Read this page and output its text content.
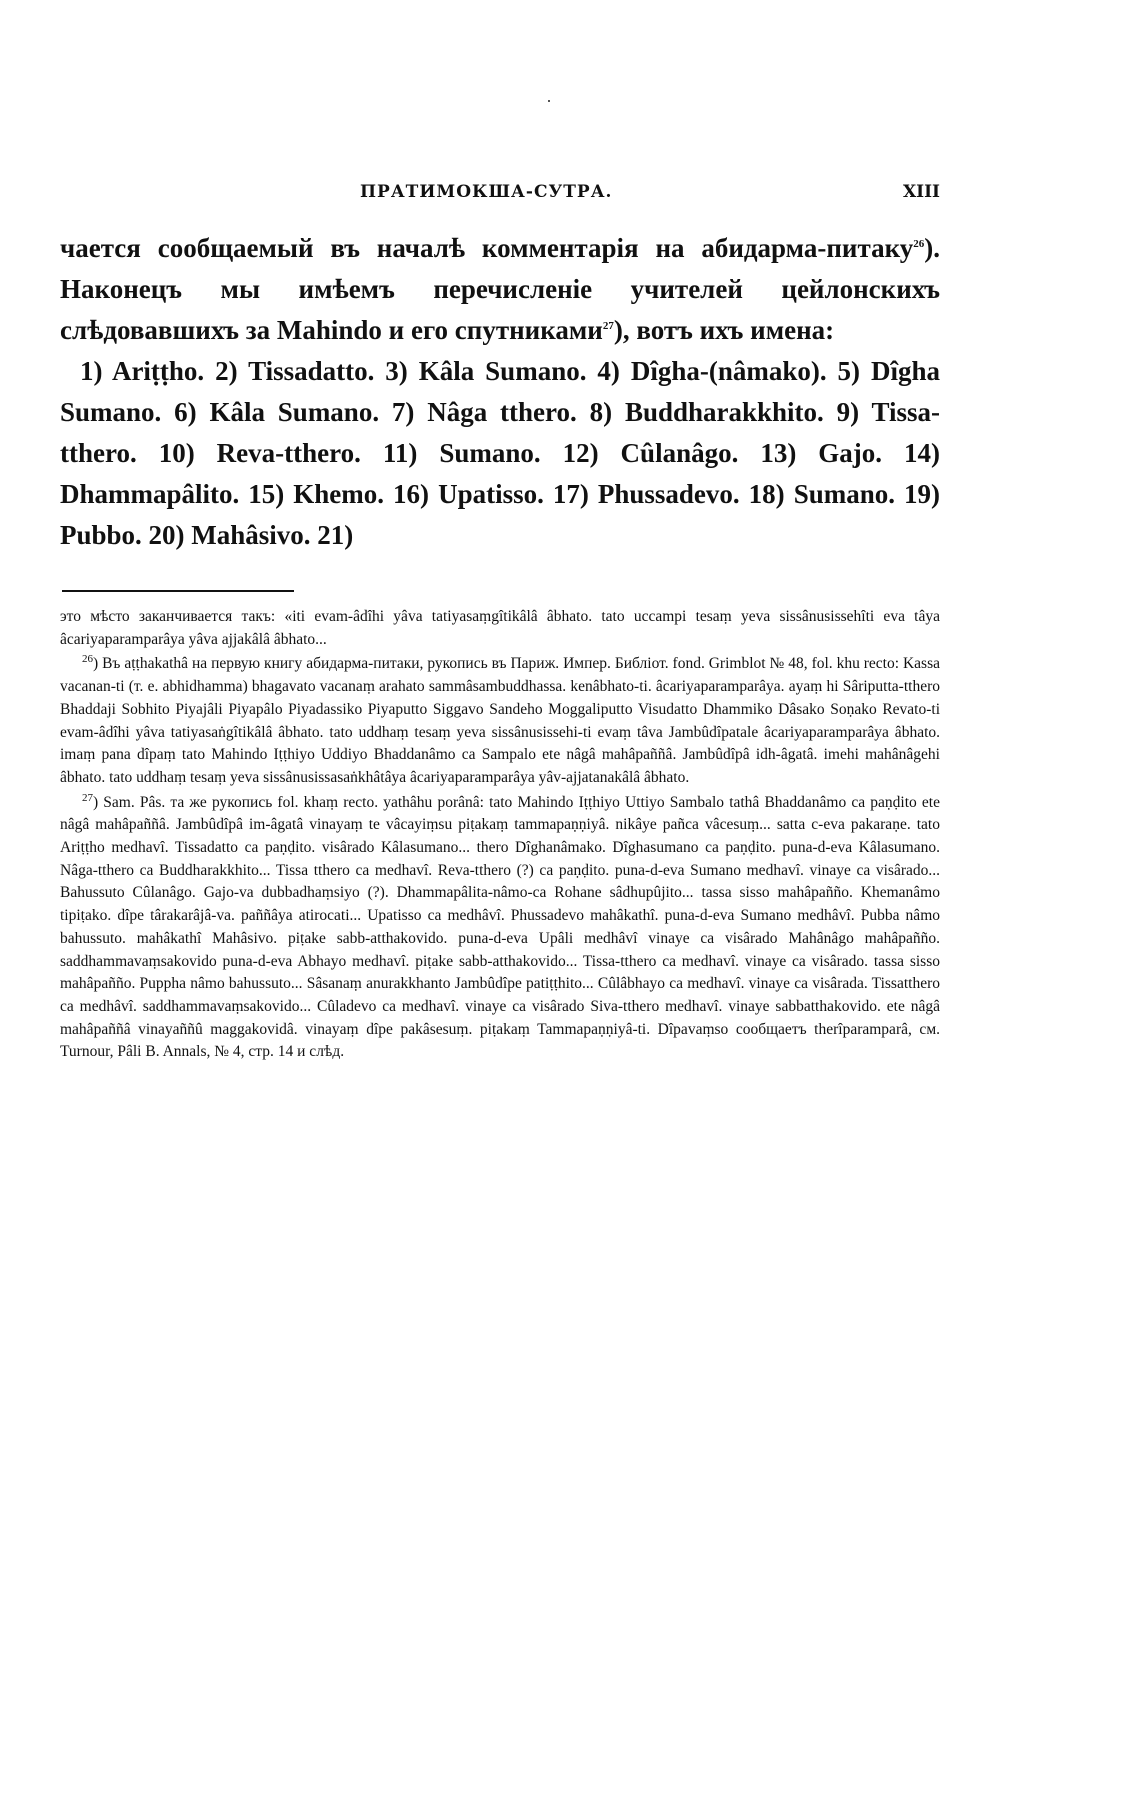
ПРАТИМОКША-СУТРА.	XIII

чается сообщаемый въ началѣ комментарія на абидарма-питаку$^{26}$). Наконецъ мы имѣемъ перечисленіе учителей цейлонскихъ слѣдовавшихъ за Mahindo и его спутниками$^{27}$), вотъ ихъ имена:

1) Ariṭṭho. 2) Tissadatto. 3) Kâla Sumano. 4) Dîgha-(nâmako). 5) Dîgha Sumano. 6) Kâla Sumano. 7) Nâga tthero. 8) Buddharakkhito. 9) Tissa-tthero. 10) Reva-tthero. 11) Sumano. 12) Cûlanâgo. 13) Gajo. 14) Dhammapâlito. 15) Khemo. 16) Upatisso. 17) Phussadevo. 18) Sumano. 19) Pubbo. 20) Mahâsivo. 21)

это мѣсто заканчивается такъ: «iti evam-âdîhi yâva tatiyasaṃgîtikâlâ âbhato. tato uccampi tesaṃ yeva sissânusissehîti eva tâya âcariyaparamparâya yâva ajjakâlâ âbhato...

$^{26}$) Въ aṭṭhakathâ на первую книгу абидарма-питаки, рукопись въ Париж. Импер. Библіот. fond. Grimblot № 48, fol. khu recto: Kassa vacanan-ti (т. е. abhidhamma) bhagavato vacanaṃ arahato sammâsambuddhassa. kenâbhato-ti. âcariyaparamparâya. ayaṃ hi Sâriputta-tthero Bhaddaji Sobhito Piyajâli Piyapâlo Piyadassiko Piyaputto Siggavo Sandeho Moggaliputto Visudatto Dhammiko Dâsako Soṇako Revato-ti evam-âdîhi yâva tatiyasaṅgîtikâlâ âbhato. tato uddhaṃ tesaṃ yeva sissânusissehi-ti evaṃ tâva Jambûdîpatale âcariyaparamparâya âbhato. imaṃ pana dîpaṃ tato Mahindo Iṭṭhiyo Uddiyo Bhaddanâmo ca Sampalo ete nâgâ mahâpaññâ. Jambûdîpâ idh-âgatâ. imehi mahânâgehi âbhato. tato uddhaṃ tesaṃ yeva sissânusissasaṅkhâtâya âcariyaparamparâya yâv-ajjatanakâlâ âbhato.

$^{27}$) Sam. Pâs. та же рукопись fol. khaṃ recto. yathâhu porânâ: tato Mahindo Iṭṭhiyo Uttiyo Sambalo tathâ Bhaddanâmo ca paṇḍito ete nâgâ mahâpaññâ. Jambûdîpâ im-âgatâ vinayaṃ te vâcayiṃsu piṭakaṃ tammapaṇṇiyâ. nikâye pañca vâcesuṃ... satta c-eva pakaraṇe. tato Ariṭṭho medhavî. Tissadatto ca paṇḍito. visârado Kâlasumano... thero Dîghanâmako. Dîghasumano ca paṇḍito. puna-d-eva Kâlasumano. Nâga-tthero ca Buddharakkhito... Tissa tthero ca medhavî. Reva-tthero (?) ca paṇḍito. puna-d-eva Sumano medhavî. vinaye ca visârado... Bahussuto Cûlanâgo. Gajo-va dubbadhaṃsiyo (?). Dhammapâlita-nâmo-ca Rohane sâdhupûjito... tassa sisso mahâpañño. Khemanâmo tipiṭako. dîpe târakarâjâ-va. paññâya atirocati... Upatisso ca medhâvî. Phussadevo mahâkathî. puna-d-eva Sumano medhâvî. Pubba nâmo bahussuto. mahâkathî Mahâsivo. piṭake sabb-atthakovido. puna-d-eva Upâli medhâvî vinaye ca visârado Mahânâgo mahâpañño. saddhammavaṃsakovido puna-d-eva Abhayo medhavî. piṭake sabb-atthakovido... Tissa-tthero ca medhavî. vinaye ca visârado. tassa sisso mahâpañño. Puppha nâmo bahussuto... Sâsanaṃ anurakkhanto Jambûdîpe patiṭṭhito... Cûlâbhayo ca medhavî. vinaye ca visârada. Tissatthero ca medhâvî. saddhammavaṃsakovido... Cûladevo ca medhavî. vinaye ca visârado Siva-tthero medhavî. vinaye sabbatthakovido. ete nâgâ mahâpaññâ vinayaññû maggakovidâ. vinayaṃ dîpe pakâsesuṃ. piṭakaṃ Tammapaṇṇiyâ-ti. Dîpavaṃso сообщаетъ therîparamparâ, см. Turnour, Pâli B. Annals, № 4, стр. 14 и слѣд.
